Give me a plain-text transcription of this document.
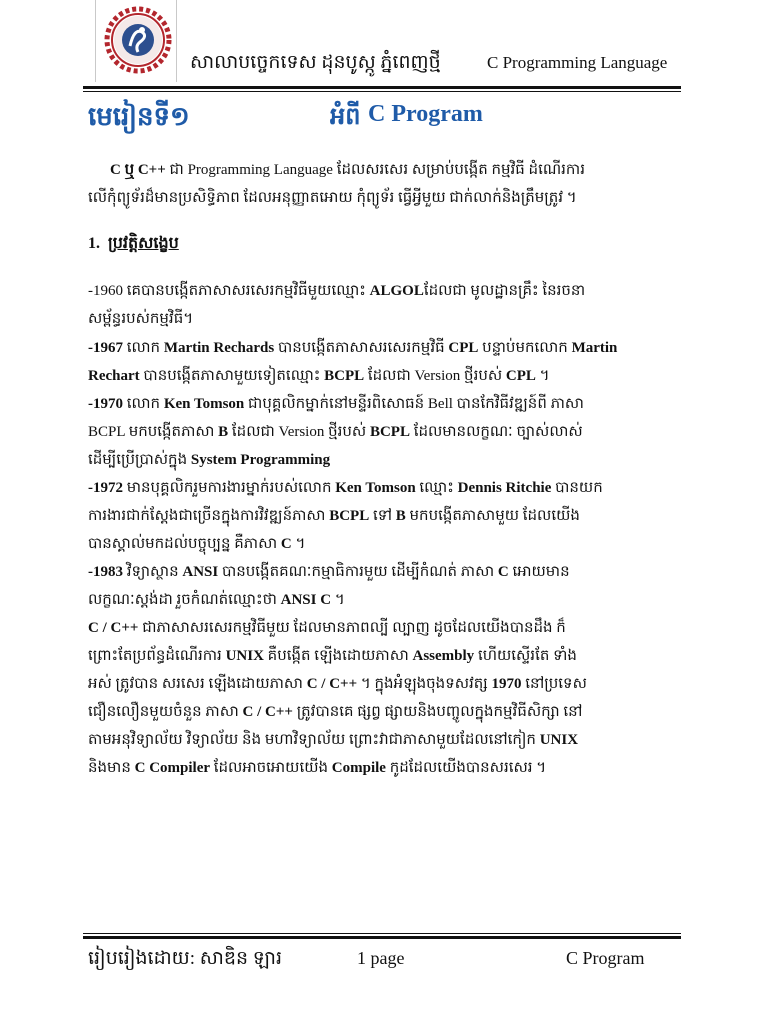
សាលាបច្ចេកទេស ដុនបូស្កូ ភ្នំពេញថ្មី	C Programming Language
មេរៀនទី១	អំពី C Program
C ឬ C++ ជា Programming Language ដែលសរសេរ សម្រាប់បង្កើត កម្មវិធី ដំណើរការ
លើកុំព្យូទ័រដ៏មានប្រសិទ្ធិភាព ដែលអនុញ្ញាតអោយ កុំព្យូទ័រ ធ្វើអ្វីមួយ ជាក់លាក់និងត្រឹមត្រូវ ។
1. ប្រវត្តិសង្ខេប
-1960 គេបានបង្កើតភាសាសរសេរកម្មវិធីមួយឈ្មោះ ALGOLដែលជា មូលដ្ឋានគ្រឹះ នៃរចនា
សម្ព័ន្ធរបស់កម្មវិធី។
-1967 លោក Martin Rechards បានបង្កើតភាសាសរសេរកម្មវិធី CPL បន្ទាប់មកលោក Martin
Rechart បានបង្កើតភាសាមួយទៀតឈ្មោះ BCPL ដែលជា Version ថ្មីរបស់ CPL ។
-1970 លោក Ken Tomson ជាបុគ្គលិកម្នាក់នៅមន្ទីរពិសោធន៍ Bell បានកែវិធីវឌ្ឍន៍ពី ភាសា
BCPL មកបង្កើតភាសា B ដែលជា Version ថ្មីរបស់ BCPL ដែលមានលក្ខណៈ ច្បាស់លាស់
ដើម្បីប្រើប្រាស់ក្នុង System Programming
-1972 មានបុគ្គលិករួមការងារម្នាក់របស់លោក Ken Tomson ឈ្មោះ Dennis Ritchie បានយក
ការងារជាក់ស្តែងជាច្រើនក្នុងការវិវឌ្ឍន៍ភាសា BCPL ទៅ B មកបង្កើតភាសាមួយ ដែលយើង
បានស្គាល់មកដល់បច្ចុប្បន្ន គឺភាសា C ។
-1983 វិទ្យាស្ថាន ANSI បានបង្កើតគណៈកម្មាធិការមួយ ដើម្បីកំណត់ ភាសា C អោយមាន
លក្ខណៈស្តង់ដា រួចកំណត់ឈ្មោះថា ANSI C ។
C / C++ ជាភាសាសរសេរកម្មវិធីមួយ ដែលមានភាពល្បី ល្បាញ ដូចដែលយើងបានដឹង ក៏
ព្រោះតែប្រព័ន្ធដំណើរការ UNIX គឺបង្កើត ឡើងដោយភាសា Assembly ហើយស្ទើរតែ ទាំង
អស់ ត្រូវបាន សរសេរ ឡើងដោយភាសា C / C++ ។ ក្នុងអំឡុងចុងទសវត្ស 1970 នៅប្រទេស
ជឿនលឿនមួយចំនួន ភាសា C / C++ ត្រូវបានគេ ផ្សព្វ ផ្សាយនិងបញ្ចូលក្នុងកម្មវិធីសិក្សា នៅ
តាមអនុវិទ្យាល័យ វិទ្យាល័យ និង មហាវិទ្យាល័យ ព្រោះវាជាភាសាមួយដែលនៅកៀក UNIX
និងមាន C Compiler ដែលអាចអោយយើង Compile កូដដែលយើងបានសរសេរ ។
រៀបរៀងដោយ: សាឌិន ឡារ	1 page	C Program
